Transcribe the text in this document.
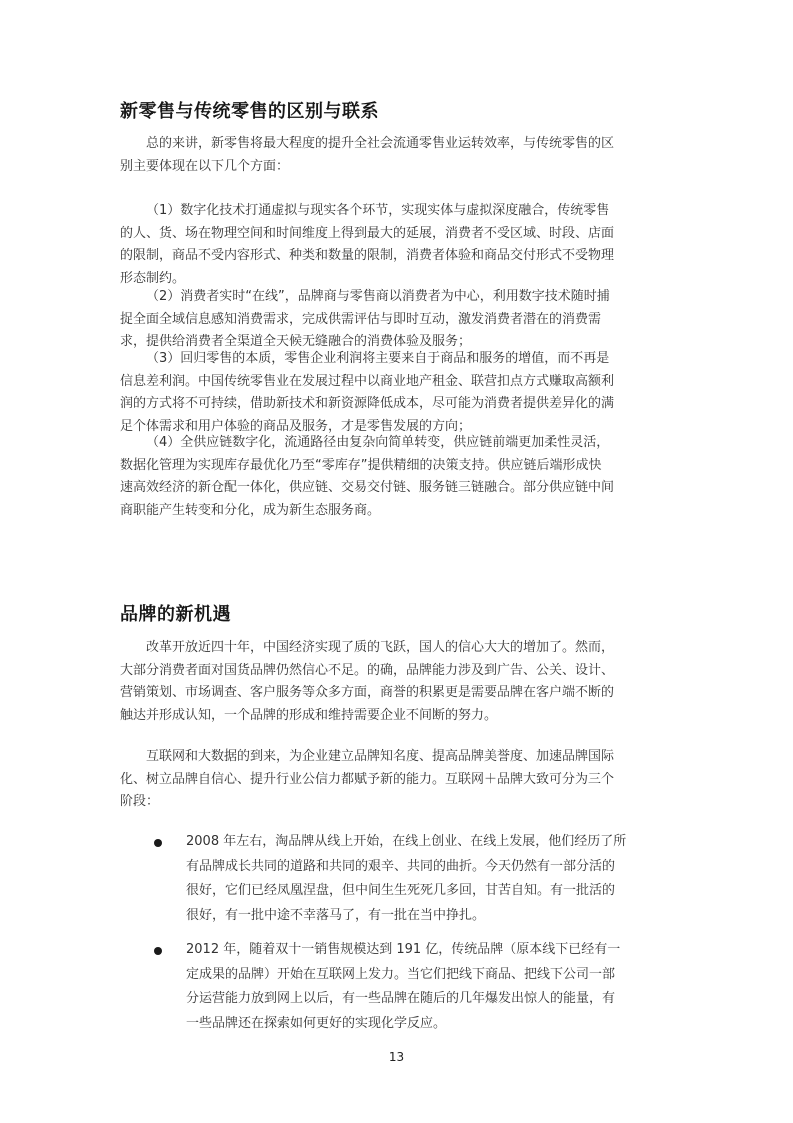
新零售与传统零售的区别与联系
总的来讲，新零售将最大程度的提升全社会流通零售业运转效率，与传统零售的区
别主要体现在以下几个方面：
（1）数字化技术打通虚拟与现实各个环节，实现实体与虚拟深度融合，传统零售
的人、货、场在物理空间和时间维度上得到最大的延展，消费者不受区域、时段、店面
的限制，商品不受内容形式、种类和数量的限制，消费者体验和商品交付形式不受物理
形态制约。
（2）消费者实时“在线”，品牌商与零售商以消费者为中心，利用数字技术随时捕
捉全面全域信息感知消费需求，完成供需评估与即时互动，激发消费者潜在的消费需
求，提供给消费者全渠道全天候无缝融合的消费体验及服务；
（3）回归零售的本质，零售企业利润将主要来自于商品和服务的增值，而不再是
信息差利润。中国传统零售业在发展过程中以商业地产租金、联营扣点方式赚取高额利
润的方式将不可持续，借助新技术和新资源降低成本，尽可能为消费者提供差异化的满
足个体需求和用户体验的商品及服务，才是零售发展的方向；
（4）全供应链数字化，流通路径由复杂向简单转变，供应链前端更加柔性灵活，
数据化管理为实现库存最优化乃至“零库存”提供精细的决策支持。供应链后端形成快
速高效经济的新仓配一体化，供应链、交易交付链、服务链三链融合。部分供应链中间
商职能产生转变和分化，成为新生态服务商。
品牌的新机遇
改革开放近四十年，中国经济实现了质的飞跃，国人的信心大大的增加了。然而，
大部分消费者面对国货品牌仍然信心不足。的确，品牌能力涉及到广告、公关、设计、
营销策划、市场调查、客户服务等众多方面，商誉的积累更是需要品牌在客户端不断的
触达并形成认知，一个品牌的形成和维持需要企业不间断的努力。
互联网和大数据的到来，为企业建立品牌知名度、提高品牌美誉度、加速品牌国际
化、树立品牌自信心、提升行业公信力都赋予新的能力。互联网＋品牌大致可分为三个
阶段：
2008 年左右，淘品牌从线上开始，在线上创业、在线上发展，他们经历了所
有品牌成长共同的道路和共同的艰辛、共同的曲折。今天仍然有一部分活的
很好，它们已经凤凰涅盘，但中间生生死死几多回，甘苦自知。有一批活的
很好，有一批中途不幸落马了，有一批在当中挣扎。
2012 年，随着双十一销售规模达到 191 亿，传统品牌（原本线下已经有一
定成果的品牌）开始在互联网上发力。当它们把线下商品、把线下公司一部
分运营能力放到网上以后，有一些品牌在随后的几年爆发出惊人的能量，有
一些品牌还在探索如何更好的实现化学反应。
13
